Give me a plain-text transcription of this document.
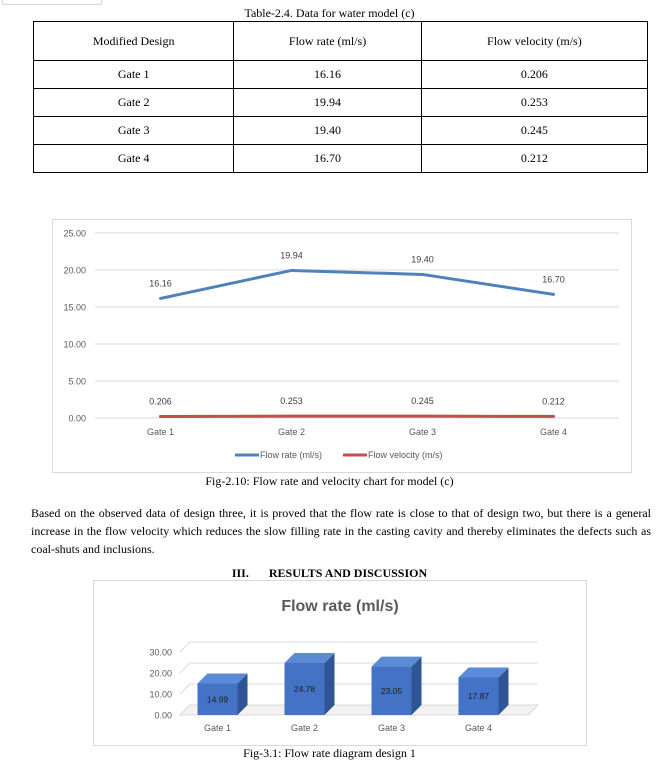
Table-2.4. Data for water model (c)
Modified Design	Flow rate (ml/s)	Flow velocity (m/s)
Gate 1	16.16	0.206
Gate 2	19.94	0.253
Gate 3	19.40	0.245
Gate 4	16.70	0.212
0.00
5.00
10.00
15.00
20.00
25.00
Gate 1	Gate 2	Gate 3	Gate 4
16.16
19.94	19.40
16.70
0.206	0.253	0.245	0.212
Flow rate (ml/s)	Flow velocity (m/s)
Fig-2.10: Flow rate and velocity chart for model (c)
Based on the observed data of design three, it is proved that the flow rate is close to that of design two, but there is a general increase in the flow velocity which reduces the slow filling rate in the casting cavity and thereby eliminates the defects such as coal-shuts and inclusions.
III. RESULTS AND DISCUSSION
Flow rate (ml/s)
0.00
10.00
20.00
30.00
14.99
Gate 1
24.78
Gate 2
23.05
Gate 3
17.87
Gate 4
Fig-3.1: Flow rate diagram design 1
